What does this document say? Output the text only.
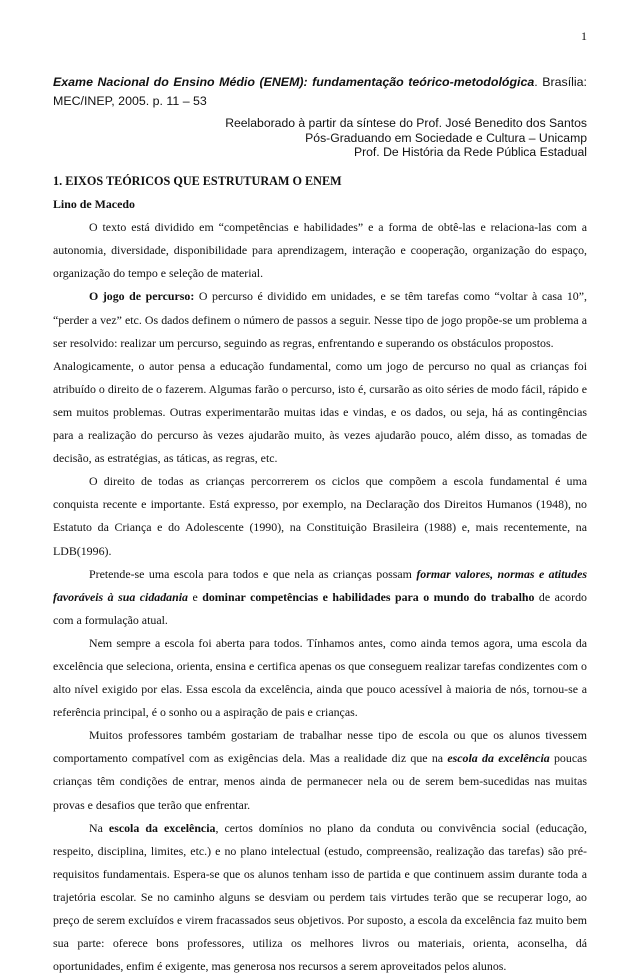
1
Exame Nacional do Ensino Médio (ENEM): fundamentação teórico-metodológica. Brasília: MEC/INEP, 2005. p. 11 – 53
Reelaborado à partir da síntese do Prof. José Benedito dos Santos
Pós-Graduando em Sociedade e Cultura – Unicamp
Prof. De História da Rede Pública Estadual
1. EIXOS TEÓRICOS QUE ESTRUTURAM O ENEM
Lino de Macedo

O texto está dividido em “competências e habilidades” e a forma de obtê-las e relaciona-las com a autonomia, diversidade, disponibilidade para aprendizagem, interação e cooperação, organização do espaço, organização do tempo e seleção de material.

O jogo de percurso: O percurso é dividido em unidades, e se têm tarefas como “voltar à casa 10”, “perder a vez” etc. Os dados definem o número de passos a seguir. Nesse tipo de jogo propõe-se um problema a ser resolvido: realizar um percurso, seguindo as regras, enfrentando e superando os obstáculos propostos.

Analogicamente, o autor pensa a educação fundamental, como um jogo de percurso no qual as crianças foi atribuído o direito de o fazerem. Algumas farão o percurso, isto é, cursarão as oito séries de modo fácil, rápido e sem muitos problemas. Outras experimentarão muitas idas e vindas, e os dados, ou seja, há as contingências para a realização do percurso às vezes ajudarão muito, às vezes ajudarão pouco, além disso, as tomadas de decisão, as estratégias, as táticas, as regras, etc.

O direito de todas as crianças percorrerem os ciclos que compõem a escola fundamental é uma conquista recente e importante. Está expresso, por exemplo, na Declaração dos Direitos Humanos (1948), no Estatuto da Criança e do Adolescente (1990), na Constituição Brasileira (1988) e, mais recentemente, na LDB(1996).

Pretende-se uma escola para todos e que nela as crianças possam formar valores, normas e atitudes favoráveis à sua cidadania e dominar competências e habilidades para o mundo do trabalho de acordo com a formulação atual.

Nem sempre a escola foi aberta para todos. Tínhamos antes, como ainda temos agora, uma escola da excelência que seleciona, orienta, ensina e certifica apenas os que conseguem realizar tarefas condizentes com o alto nível exigido por elas. Essa escola da excelência, ainda que pouco acessível à maioria de nós, tornou-se a referência principal, é o sonho ou a aspiração de pais e crianças.

Muitos professores também gostariam de trabalhar nesse tipo de escola ou que os alunos tivessem comportamento compatível com as exigências dela. Mas a realidade diz que na escola da excelência poucas crianças têm condições de entrar, menos ainda de permanecer nela ou de serem bem-sucedidas nas muitas provas e desafios que terão que enfrentar.

Na escola da excelência, certos domínios no plano da conduta ou convivência social (educação, respeito, disciplina, limites, etc.) e no plano intelectual (estudo, compreensão, realização das tarefas) são pré-requisitos fundamentais. Espera-se que os alunos tenham isso de partida e que continuem assim durante toda a trajetória escolar. Se no caminho alguns se desviam ou perdem tais virtudes terão que se recuperar logo, ao preço de serem excluídos e virem fracassados seus objetivos. Por suposto, a escola da excelência faz muito bem sua parte: oferece bons professores, utiliza os melhores livros ou materiais, orienta, aconselha, dá oportunidades, enfim é exigente, mas generosa nos recursos a serem aproveitados pelos alunos.
